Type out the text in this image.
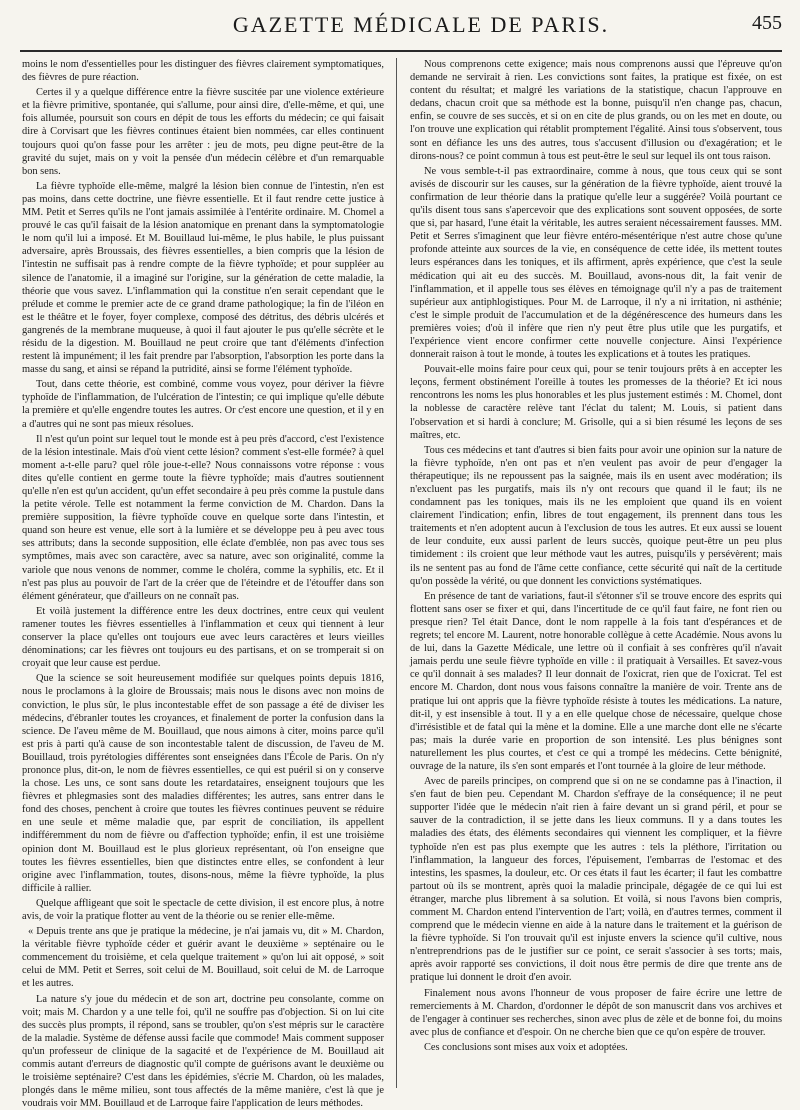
GAZETTE MÉDICALE DE PARIS.	455

moins le nom d'essentielles pour les distinguer des fièvres clairement symptomatiques, des fièvres de pure réaction.

Certes il y a quelque différence entre la fièvre suscitée par une violence extérieure et la fièvre primitive, spontanée, qui s'allume, pour ainsi dire, d'elle-même, et qui, une fois allumée, poursuit son cours en dépit de tous les efforts du médecin; ce qui faisait dire à Corvisart que les fièvres continues étaient bien nommées, car elles continuent toujours quoi qu'on fasse pour les arrêter : jeu de mots, peu digne peut-être de la gravité du sujet, mais on y voit la pensée d'un médecin célèbre et d'un remarquable bon sens.

La fièvre typhoïde elle-même, malgré la lésion bien connue de l'intestin, n'en est pas moins, dans cette doctrine, une fièvre essentielle. Et il faut rendre cette justice à MM. Petit et Serres qu'ils ne l'ont jamais assimilée à l'entérite ordinaire. M. Chomel a prouvé le cas qu'il faisait de la lésion anatomique en prenant dans la symptomatologie le nom qu'il lui a imposé. Et M. Bouillaud lui-même, le plus habile, le plus puissant adversaire, après Broussais, des fièvres essentielles, a bien compris que la lésion de l'intestin ne suffisait pas à rendre compte de la fièvre typhoïde; et pour suppléer au silence de l'anatomie, il a imaginé sur l'origine, sur la génération de cette maladie, la théorie que vous savez. L'inflammation qui la constitue n'en serait cependant que le prélude et comme le premier acte de ce grand drame pathologique; la fin de l'iléon en est le théâtre et le foyer, foyer complexe, composé des détritus, des débris ulcérés et gangrenés de la membrane muqueuse, à quoi il faut ajouter le pus qu'elle sécrète et le résidu de la digestion. M. Bouillaud ne peut croire que tant d'éléments d'infection restent là impunément; il les fait prendre par l'absorption, l'absorption les porte dans la masse du sang, et ainsi se répand la putridité, ainsi se forme l'élément typhoïde.

Tout, dans cette théorie, est combiné, comme vous voyez, pour dériver la fièvre typhoïde de l'inflammation, de l'ulcération de l'intestin; ce qui implique qu'elle débute la première et qu'elle engendre toutes les autres. Or c'est encore une question, et il y en a d'autres qui ne sont pas mieux résolues.

Il n'est qu'un point sur lequel tout le monde est à peu près d'accord, c'est l'existence de la lésion intestinale. Mais d'où vient cette lésion? comment s'est-elle formée? à quel moment a-t-elle paru? quel rôle joue-t-elle? Nous connaissons votre réponse : vous dites qu'elle contient en germe toute la fièvre typhoïde; mais d'autres soutiennent qu'elle n'en est qu'un accident, qu'un effet secondaire à peu près comme la pustule dans la petite vérole. Telle est notamment la ferme conviction de M. Chardon. Dans la première supposition, la fièvre typhoïde couve en quelque sorte dans l'intestin, et quand son heure est venue, elle sort à la lumière et se développe peu à peu avec tous ses attributs; dans la seconde supposition, elle éclate d'emblée, non pas avec tous ses symptômes, mais avec son caractère, avec sa nature, avec son originalité, comme la variole que nous venons de nommer, comme le choléra, comme la syphilis, etc. Et il n'est pas plus au pouvoir de l'art de la créer que de l'éteindre et de l'étouffer dans son élément générateur, que d'ailleurs on ne connaît pas.

Et voilà justement la différence entre les deux doctrines, entre ceux qui veulent ramener toutes les fièvres essentielles à l'inflammation et ceux qui tiennent à leur conserver la place qu'elles ont toujours eue avec leurs caractères et leurs vieilles dénominations; car les fièvres ont toujours eu des partisans, et on se tromperait si on croyait que leur cause est perdue.

Que la science se soit heureusement modifiée sur quelques points depuis 1816, nous le proclamons à la gloire de Broussais; mais nous le disons avec non moins de conviction, le plus sûr, le plus incontestable effet de son passage a été de diviser les médecins, d'ébranler toutes les croyances, et finalement de porter la confusion dans la science. De l'aveu même de M. Bouillaud, que nous aimons à citer, moins parce qu'il est pris à parti qu'à cause de son incontestable talent de discussion, de l'aveu de M. Bouillaud, trois pyrétologies différentes sont enseignées dans l'École de Paris. On n'y prononce plus, dit-on, le nom de fièvres essentielles, ce qui est puéril si on y conserve la chose. Les uns, ce sont sans doute les retardataires, enseignent toujours que les fièvres et phlegmasies sont des maladies différentes; les autres, sans entrer dans le fond des choses, penchent à croire que toutes les fièvres continues peuvent se réduire en une seule et même maladie que, par esprit de conciliation, ils appellent indifféremment du nom de fièvre ou d'affection typhoïde; enfin, il est une troisième opinion dont M. Bouillaud est le plus glorieux représentant, où l'on enseigne que toutes les fièvres essentielles, bien que distinctes entre elles, se confondent à leur origine avec l'inflammation, toutes, disons-nous, même la fièvre typhoïde, la plus difficile à rallier.

Quelque affligeant que soit le spectacle de cette division, il est encore plus, à notre avis, de voir la pratique flotter au vent de la théorie ou se renier elle-même.

« Depuis trente ans que je pratique la médecine, je n'ai jamais vu, dit » M. Chardon, la véritable fièvre typhoïde céder et guérir avant le deuxième » septénaire ou le commencement du troisième, et cela quelque traitement » qu'on lui ait opposé, » soit celui de MM. Petit et Serres, soit celui de M. Bouillaud, soit celui de M. de Larroque et les autres.

La nature s'y joue du médecin et de son art, doctrine peu consolante, comme on voit; mais M. Chardon y a une telle foi, qu'il ne souffre pas d'objection. Si on lui cite des succès plus prompts, il répond, sans se troubler, qu'on s'est mépris sur le caractère de la maladie. Système de défense aussi facile que commode! Mais comment supposer qu'un professeur de clinique de la sagacité et de l'expérience de M. Bouillaud ait commis autant d'erreurs de diagnostic qu'il compte de guérisons avant le deuxième ou le troisième septénaire? C'est dans les épidémies, s'écrie M. Chardon, où les malades, plongés dans le même milieu, sont tous affectés de la même manière, c'est là que je voudrais voir MM. Bouillaud et de Larroque faire l'application de leurs méthodes.

Nous comprenons cette exigence; mais nous comprenons aussi que l'épreuve qu'on demande ne servirait à rien. Les convictions sont faites, la pratique est fixée, on est content du résultat; et malgré les variations de la statistique, chacun l'approuve en dedans, chacun croit que sa méthode est la bonne, puisqu'il n'en change pas, chacun, enfin, se couvre de ses succès, et si on en cite de plus grands, ou on les met en doute, ou l'on trouve une explication qui rétablit promptement l'égalité. Ainsi tous s'observent, tous sont en défiance les uns des autres, tous s'accusent d'illusion ou d'exagération; et le dirons-nous? ce point commun à tous est peut-être le seul sur lequel ils ont tous raison.

Ne vous semble-t-il pas extraordinaire, comme à nous, que tous ceux qui se sont avisés de discourir sur les causes, sur la génération de la fièvre typhoïde, aient trouvé la confirmation de leur théorie dans la pratique qu'elle leur a suggérée? Voilà pourtant ce qu'ils disent tous sans s'apercevoir que des explications sont souvent opposées, de sorte que si, par hasard, l'une était la véritable, les autres seraient nécessairement fausses. MM. Petit et Serres s'imaginent que leur fièvre entéro-mésentérique n'est autre chose qu'une profonde atteinte aux sources de la vie, en conséquence de cette idée, ils mettent toutes leurs espérances dans les toniques, et ils affirment, après expérience, que c'est la seule médication qui ait eu des succès. M. Bouillaud, avons-nous dit, la fait venir de l'inflammation, et il appelle tous ses élèves en témoignage qu'il n'y a pas de traitement supérieur aux antiphlogistiques. Pour M. de Larroque, il n'y a ni irritation, ni asthénie; c'est le simple produit de l'accumulation et de la dégénérescence des humeurs dans les premières voies; d'où il infère que rien n'y peut être plus utile que les purgatifs, et l'expérience vient encore confirmer cette nouvelle conjecture. Ainsi l'expérience donnerait raison à tout le monde, à toutes les explications et à toutes les pratiques.

Pouvait-elle moins faire pour ceux qui, pour se tenir toujours prêts à en accepter les leçons, ferment obstinément l'oreille à toutes les promesses de la théorie? Et ici nous rencontrons les noms les plus honorables et les plus justement estimés : M. Chomel, dont la noblesse de caractère relève tant l'éclat du talent; M. Louis, si patient dans l'observation et si hardi à conclure; M. Grisolle, qui a si bien résumé les leçons de ses maîtres, etc.

Tous ces médecins et tant d'autres si bien faits pour avoir une opinion sur la nature de la fièvre typhoïde, n'en ont pas et n'en veulent pas avoir de peur d'engager la thérapeutique; ils ne repoussent pas la saignée, mais ils en usent avec modération; ils n'excluent pas les purgatifs, mais ils n'y ont recours que quand il le faut; ils ne condamnent pas les toniques, mais ils ne les emploient que quand ils en voient clairement l'indication; enfin, libres de tout engagement, ils prennent dans tous les traitements et n'en adoptent aucun à l'exclusion de tous les autres. Et eux aussi se louent de leur conduite, eux aussi parlent de leurs succès, quoique peut-être un peu plus timidement : ils croient que leur méthode vaut les autres, puisqu'ils y persévèrent; mais ils ne sentent pas au fond de l'âme cette confiance, cette sécurité qui naît de la certitude qu'on possède la vérité, ou que donnent les convictions systématiques.

En présence de tant de variations, faut-il s'étonner s'il se trouve encore des esprits qui flottent sans oser se fixer et qui, dans l'incertitude de ce qu'il faut faire, ne font rien ou presque rien? Tel était Dance, dont le nom rappelle à la fois tant d'espérances et de regrets; tel encore M. Laurent, notre honorable collègue à cette Académie. Nous avons lu de lui, dans la Gazette Médicale, une lettre où il confiait à ses confrères qu'il n'avait jamais perdu une seule fièvre typhoïde en ville : il pratiquait à Versailles. Et savez-vous ce qu'il donnait à ses malades? Il leur donnait de l'oxicrat, rien que de l'oxicrat. Tel est encore M. Chardon, dont nous vous faisons connaître la manière de voir. Trente ans de pratique lui ont appris que la fièvre typhoïde résiste à toutes les médications. La nature, dit-il, y est insensible à tout. Il y a en elle quelque chose de nécessaire, quelque chose d'irrésistible et de fatal qui la mène et la domine. Elle a une marche dont elle ne s'écarte pas; mais la durée varie en proportion de son intensité. Les plus bénignes sont naturellement les plus courtes, et c'est ce qui a trompé les médecins. Cette bénignité, ouvrage de la nature, ils s'en sont emparés et l'ont tournée à la gloire de leur méthode.

Avec de pareils principes, on comprend que si on ne se condamne pas à l'inaction, il s'en faut de bien peu. Cependant M. Chardon s'effraye de la conséquence; il ne peut supporter l'idée que le médecin n'ait rien à faire devant un si grand péril, et pour se sauver de la contradiction, il se jette dans les lieux communs. Il y a dans toutes les maladies des états, des éléments secondaires qui viennent les compliquer, et la fièvre typhoïde n'en est pas plus exempte que les autres : tels la pléthore, l'irritation ou l'inflammation, la langueur des forces, l'épuisement, l'embarras de l'estomac et des intestins, les spasmes, la douleur, etc. Or ces états il faut les écarter; il faut les combattre partout où ils se montrent, après quoi la maladie principale, dégagée de ce qui lui est étranger, marche plus librement à sa solution. Et voilà, si nous l'avons bien compris, comment M. Chardon entend l'intervention de l'art; voilà, en d'autres termes, comment il comprend que le médecin vienne en aide à la nature dans le traitement et la guérison de la fièvre typhoïde. Si l'on trouvait qu'il est injuste envers la science qu'il cultive, nous n'entreprendrions pas de le justifier sur ce point, ce serait s'associer à ses torts; mais, après avoir rapporté ses convictions, il doit nous être permis de dire que trente ans de pratique lui donnent le droit d'en avoir.

Finalement nous avons l'honneur de vous proposer de faire écrire une lettre de remerciements à M. Chardon, d'ordonner le dépôt de son manuscrit dans vos archives et de l'engager à continuer ses recherches, sinon avec plus de zèle et de bonne foi, du moins avec plus de confiance et d'espoir. On ne cherche bien que ce qu'on espère de trouver.

Ces conclusions sont mises aux voix et adoptées.
